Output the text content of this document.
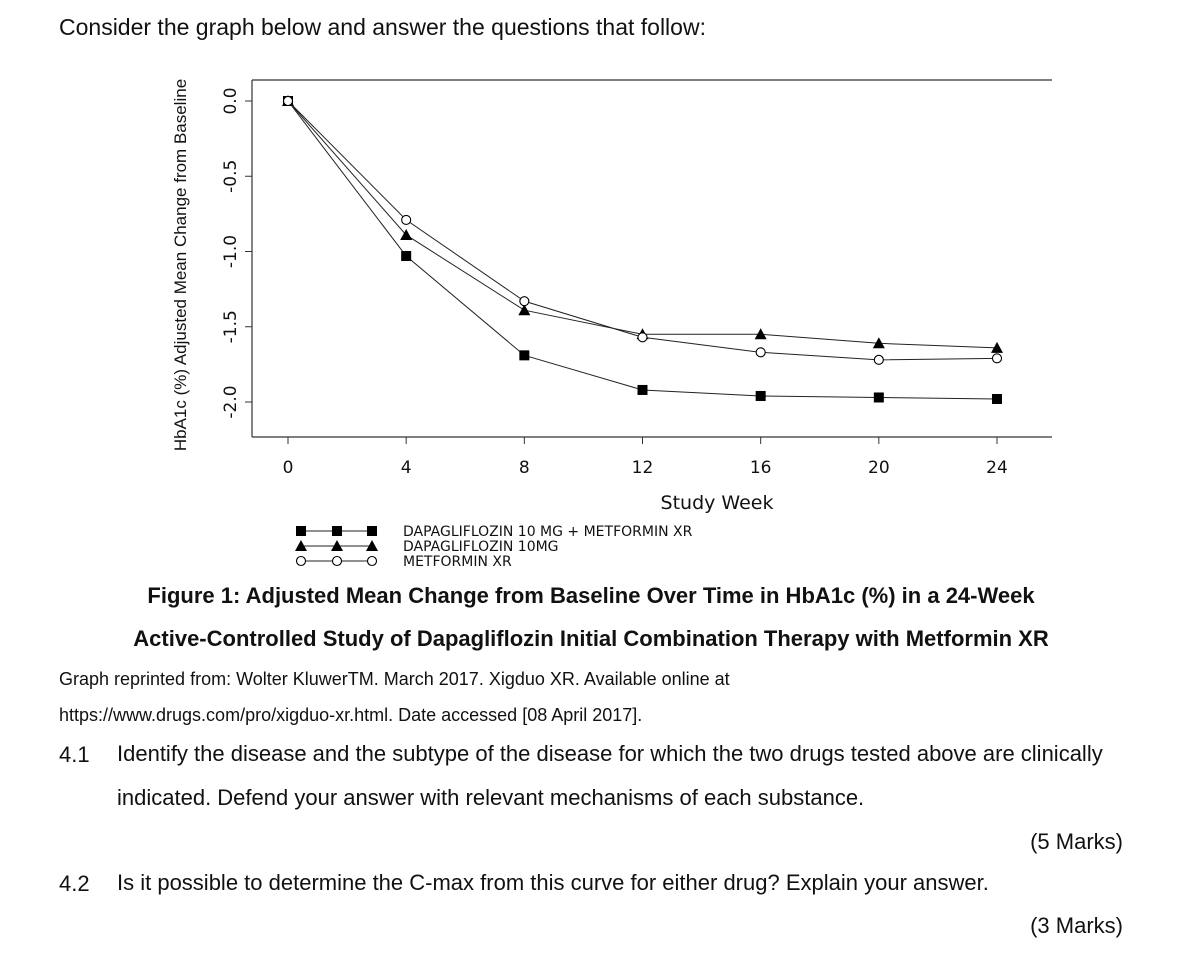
Consider the graph below and answer the questions that follow:
0	4	8	12	16	20	24
Study Week
0.0
-0.5
-1.0
-1.5
-2.0
HbA1c (%) Adjusted Mean Change from Baseline
DAPAGLIFLOZIN 10 MG + METFORMIN XR
DAPAGLIFLOZIN 10MG
METFORMIN XR
Figure 1: Adjusted Mean Change from Baseline Over Time in HbA1c (%) in a 24-Week
Active-Controlled Study of Dapagliflozin Initial Combination Therapy with Metformin XR
Graph reprinted from: Wolter KluwerTM. March 2017. Xigduo XR. Available online at
https://www.drugs.com/pro/xigduo-xr.html. Date accessed [08 April 2017].
4.1 Identify the disease and the subtype of the disease for which the two drugs tested above are clinically indicated. Defend your answer with relevant mechanisms of each substance.
(5 Marks)
4.2 Is it possible to determine the C-max from this curve for either drug? Explain your answer.
(3 Marks)
